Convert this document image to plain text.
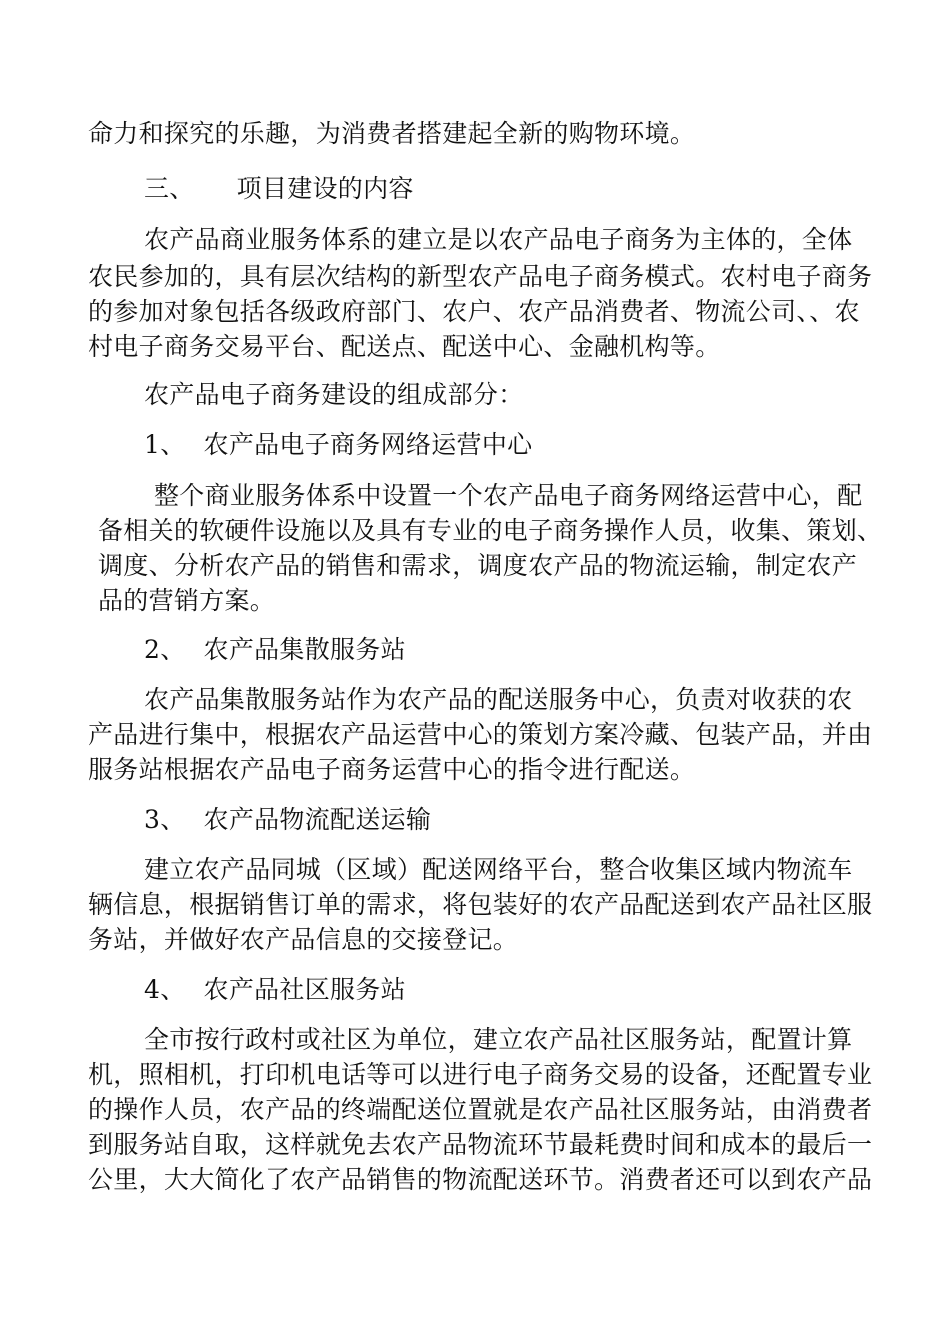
命力和探究的乐趣，为消费者搭建起全新的购物环境。
三、 项目建设的内容
农产品商业服务体系的建立是以农产品电子商务为主体的，全体
农民参加的，具有层次结构的新型农产品电子商务模式。农村电子商务
的参加对象包括各级政府部门、农户、农产品消费者、物流公司、、农
村电子商务交易平台、配送点、配送中心、金融机构等。
农产品电子商务建设的组成部分：
1、 农产品电子商务网络运营中心
整个商业服务体系中设置一个农产品电子商务网络运营中心，配
备相关的软硬件设施以及具有专业的电子商务操作人员，收集、策划、
调度、分析农产品的销售和需求，调度农产品的物流运输，制定农产
品的营销方案。
2、 农产品集散服务站
农产品集散服务站作为农产品的配送服务中心，负责对收获的农
产品进行集中，根据农产品运营中心的策划方案冷藏、包装产品，并由
服务站根据农产品电子商务运营中心的指令进行配送。
3、 农产品物流配送运输
建立农产品同城（区域）配送网络平台，整合收集区域内物流车
辆信息，根据销售订单的需求，将包装好的农产品配送到农产品社区服
务站，并做好农产品信息的交接登记。
4、 农产品社区服务站
全市按行政村或社区为单位，建立农产品社区服务站，配置计算
机，照相机，打印机电话等可以进行电子商务交易的设备，还配置专业
的操作人员，农产品的终端配送位置就是农产品社区服务站，由消费者
到服务站自取，这样就免去农产品物流环节最耗费时间和成本的最后一
公里，大大简化了农产品销售的物流配送环节。消费者还可以到农产品
